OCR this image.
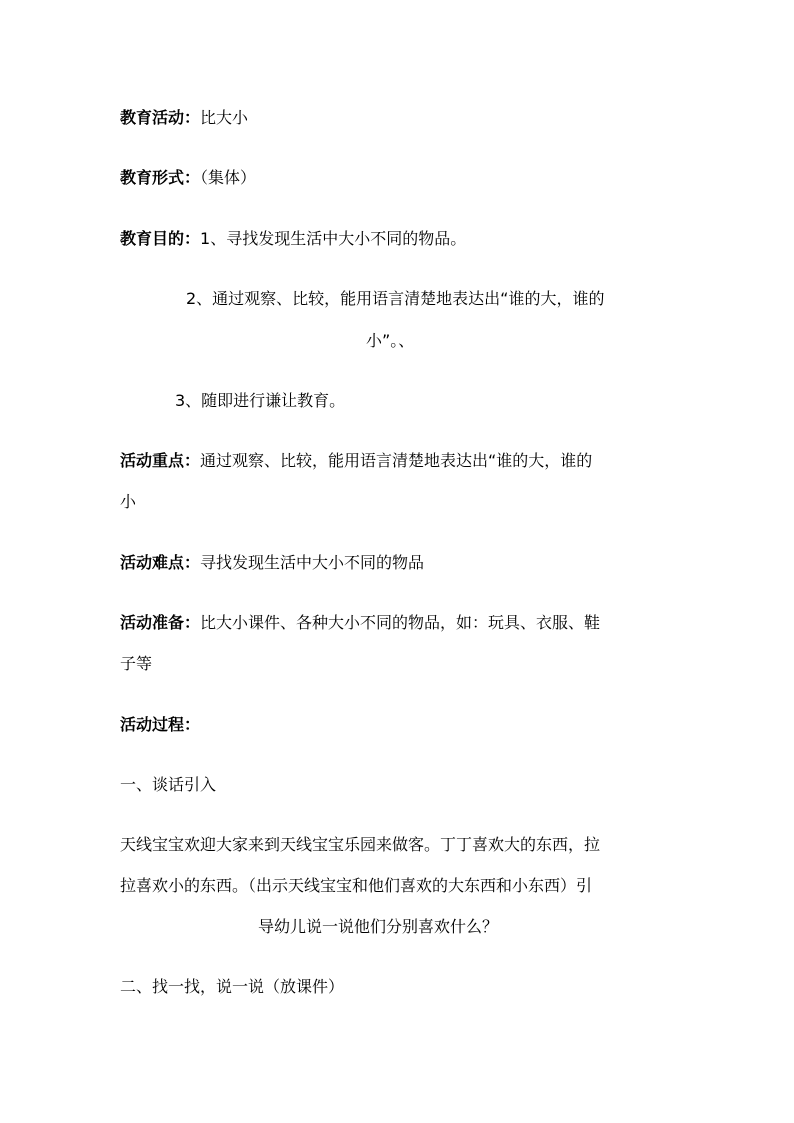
教育活动：比大小
教育形式：（集体）
教育目的：1、寻找发现生活中大小不同的物品。
2、通过观察、比较，能用语言清楚地表达出“谁的大，谁的
小”。、
3、随即进行谦让教育。
活动重点：通过观察、比较，能用语言清楚地表达出“谁的大，谁的
小
活动难点：寻找发现生活中大小不同的物品
活动准备：比大小课件、各种大小不同的物品，如：玩具、衣服、鞋
子等
活动过程：
一、谈话引入
天线宝宝欢迎大家来到天线宝宝乐园来做客。丁丁喜欢大的东西，拉
拉喜欢小的东西。（出示天线宝宝和他们喜欢的大东西和小东西）引
导幼儿说一说他们分别喜欢什么？
二、找一找，说一说（放课件）
